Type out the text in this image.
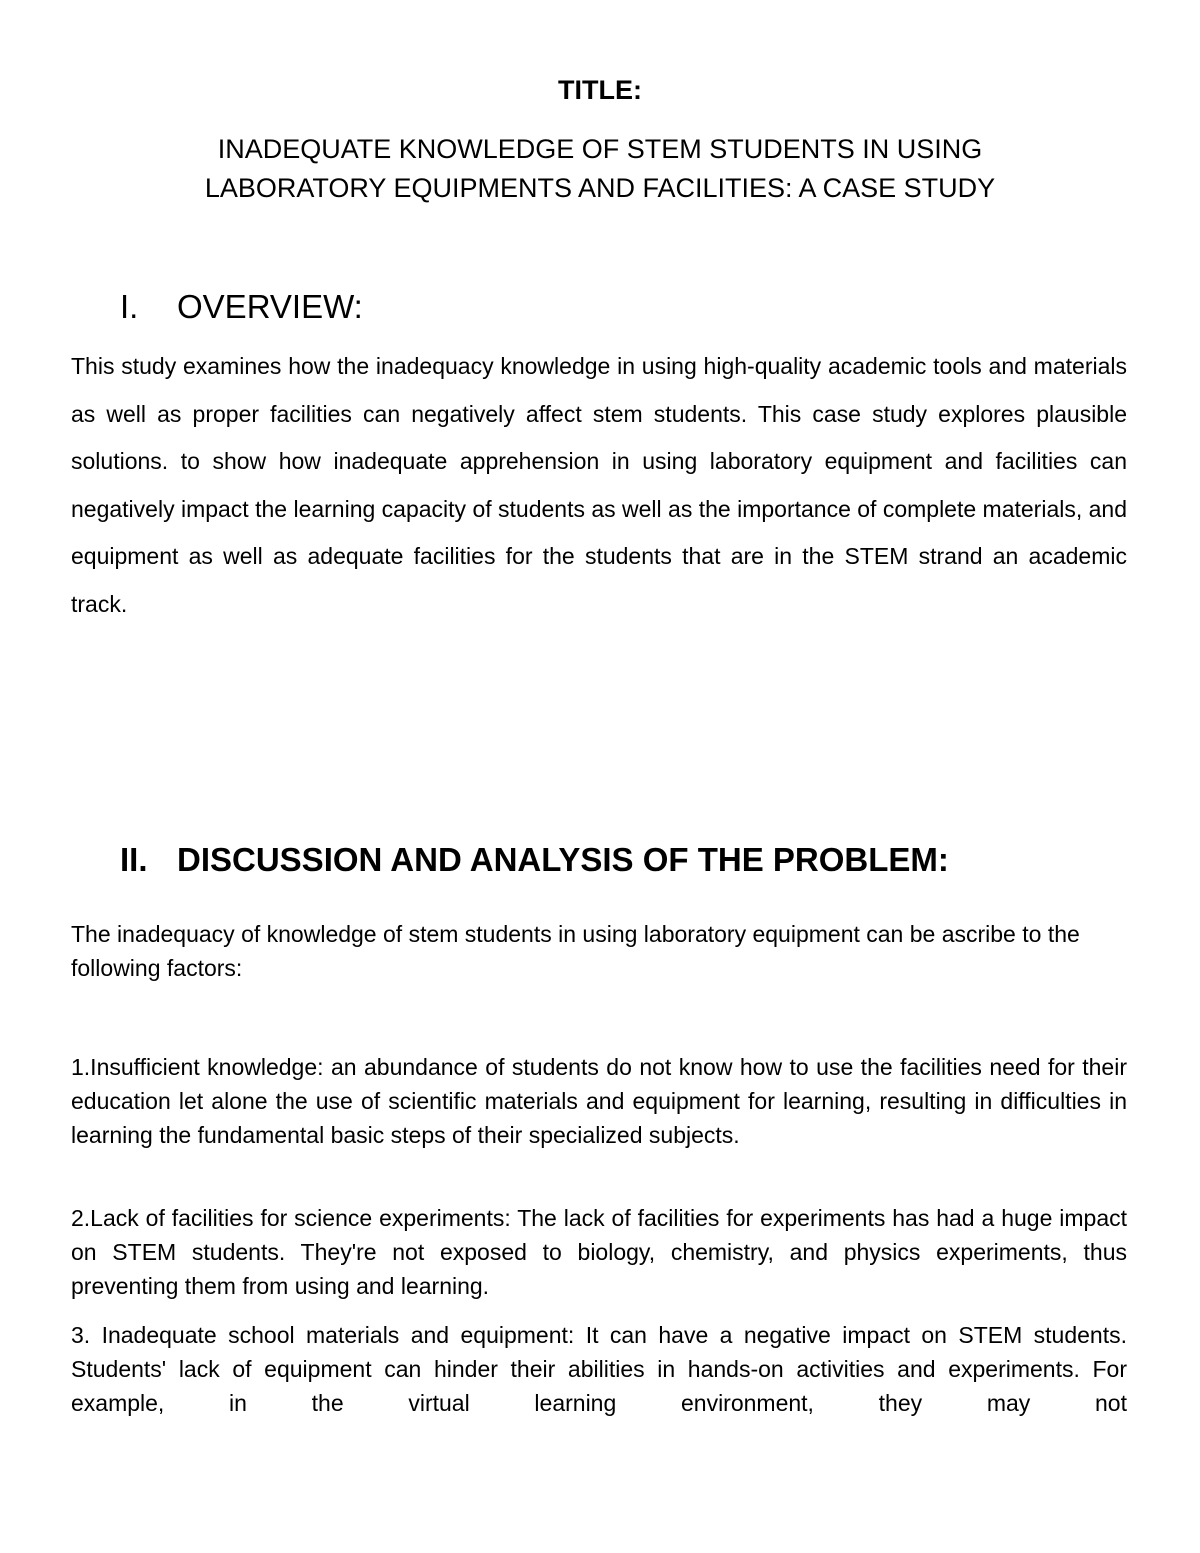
TITLE:
INADEQUATE KNOWLEDGE OF STEM STUDENTS IN USING
LABORATORY EQUIPMENTS AND FACILITIES: A CASE STUDY
I. OVERVIEW:

This study examines how the inadequacy knowledge in using high-quality academic tools and materials as well as proper facilities can negatively affect stem students. This case study explores plausible solutions. to show how inadequate apprehension in using laboratory equipment and facilities can negatively impact the learning capacity of students as well as the importance of complete materials, and equipment as well as adequate facilities for the students that are in the STEM strand an academic track.

II. DISCUSSION AND ANALYSIS OF THE PROBLEM:

The inadequacy of knowledge of stem students in using laboratory equipment can be ascribe to the following factors:

1.Insufficient knowledge: an abundance of students do not know how to use the facilities need for their education let alone the use of scientific materials and equipment for learning, resulting in difficulties in learning the fundamental basic steps of their specialized subjects.

2.Lack of facilities for science experiments: The lack of facilities for experiments has had a huge impact on STEM students. They're not exposed to biology, chemistry, and physics experiments, thus preventing them from using and learning.

3. Inadequate school materials and equipment: It can have a negative impact on STEM students. Students' lack of equipment can hinder their abilities in hands-on activities and experiments. For example, in the virtual learning environment, they may not
